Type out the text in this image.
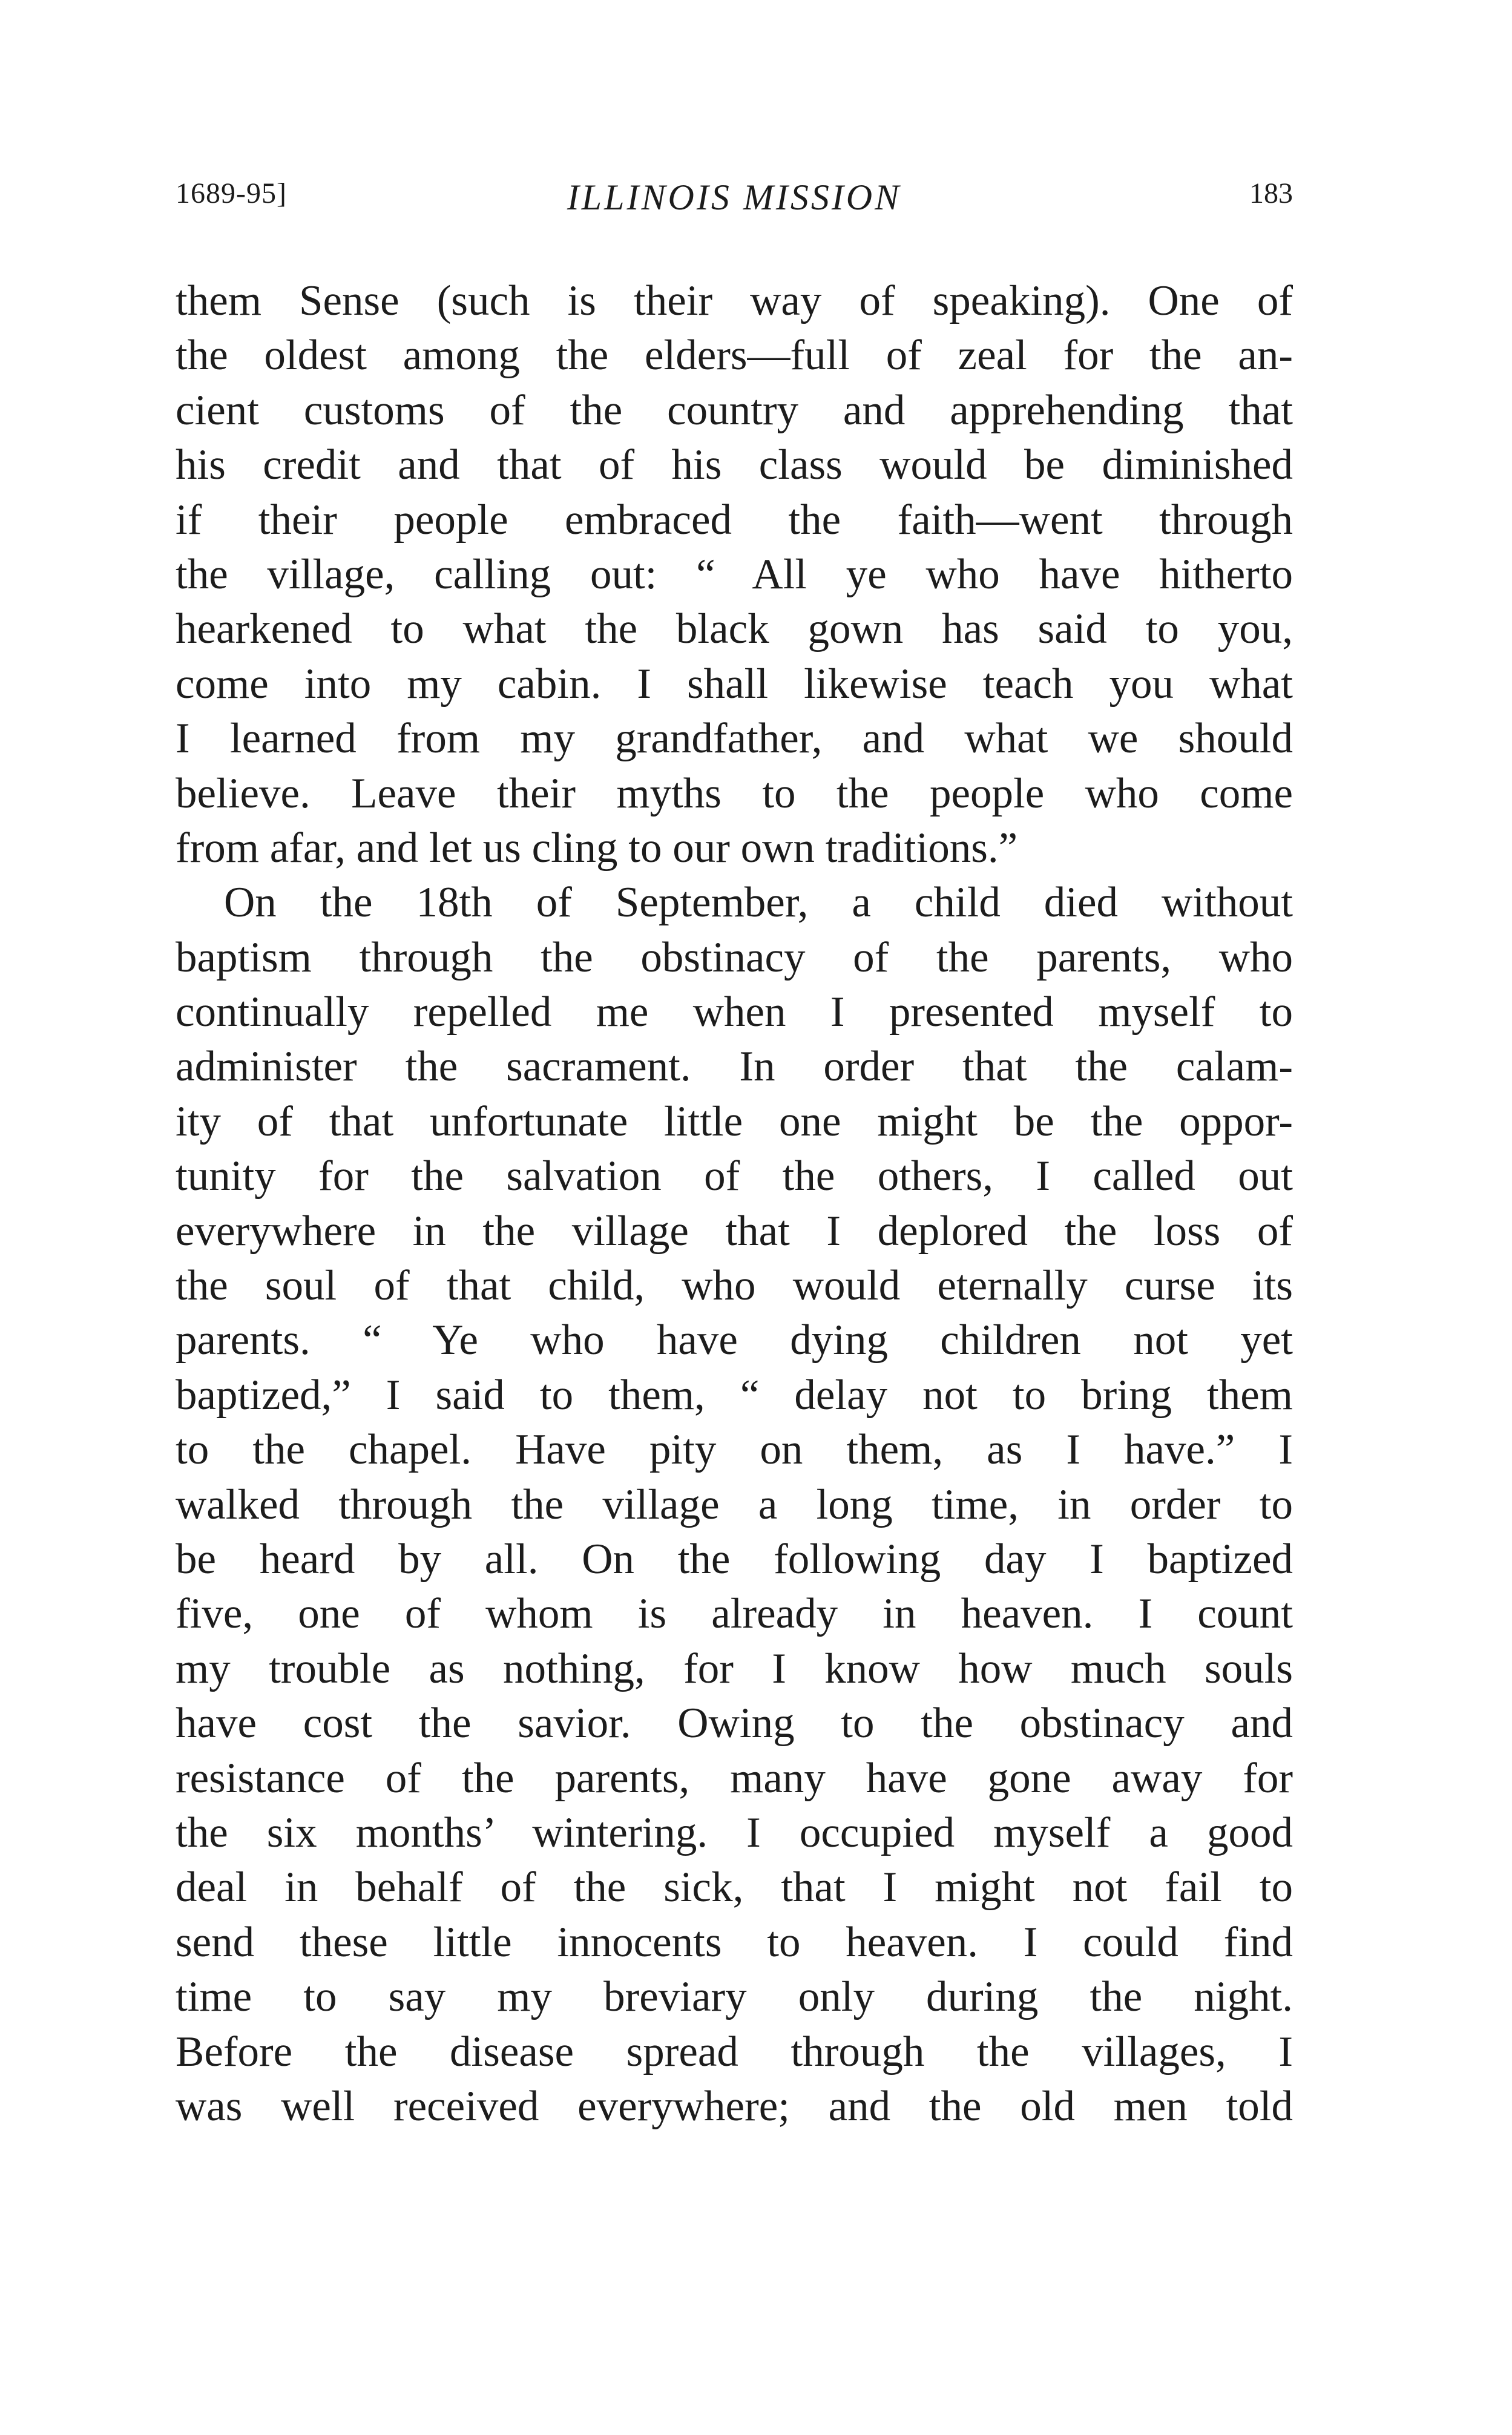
1689-95]	ILLINOIS MISSION	183
them Sense (such is their way of speaking). One of
the oldest among the elders—full of zeal for the an-
cient customs of the country and apprehending that
his credit and that of his class would be diminished
if their people embraced the faith—went through
the village, calling out: “ All ye who have hitherto
hearkened to what the black gown has said to you,
come into my cabin. I shall likewise teach you what
I learned from my grandfather, and what we should
believe. Leave their myths to the people who come
from afar, and let us cling to our own traditions.”
On the 18th of September, a child died without
baptism through the obstinacy of the parents, who
continually repelled me when I presented myself to
administer the sacrament. In order that the calam-
ity of that unfortunate little one might be the oppor-
tunity for the salvation of the others, I called out
everywhere in the village that I deplored the loss of
the soul of that child, who would eternally curse its
parents. “ Ye who have dying children not yet
baptized,” I said to them, “ delay not to bring them
to the chapel. Have pity on them, as I have.” I
walked through the village a long time, in order to
be heard by all. On the following day I baptized
five, one of whom is already in heaven. I count
my trouble as nothing, for I know how much souls
have cost the savior. Owing to the obstinacy and
resistance of the parents, many have gone away for
the six months’ wintering. I occupied myself a good
deal in behalf of the sick, that I might not fail to
send these little innocents to heaven. I could find
time to say my breviary only during the night.
Before the disease spread through the villages, I
was well received everywhere; and the old men told
